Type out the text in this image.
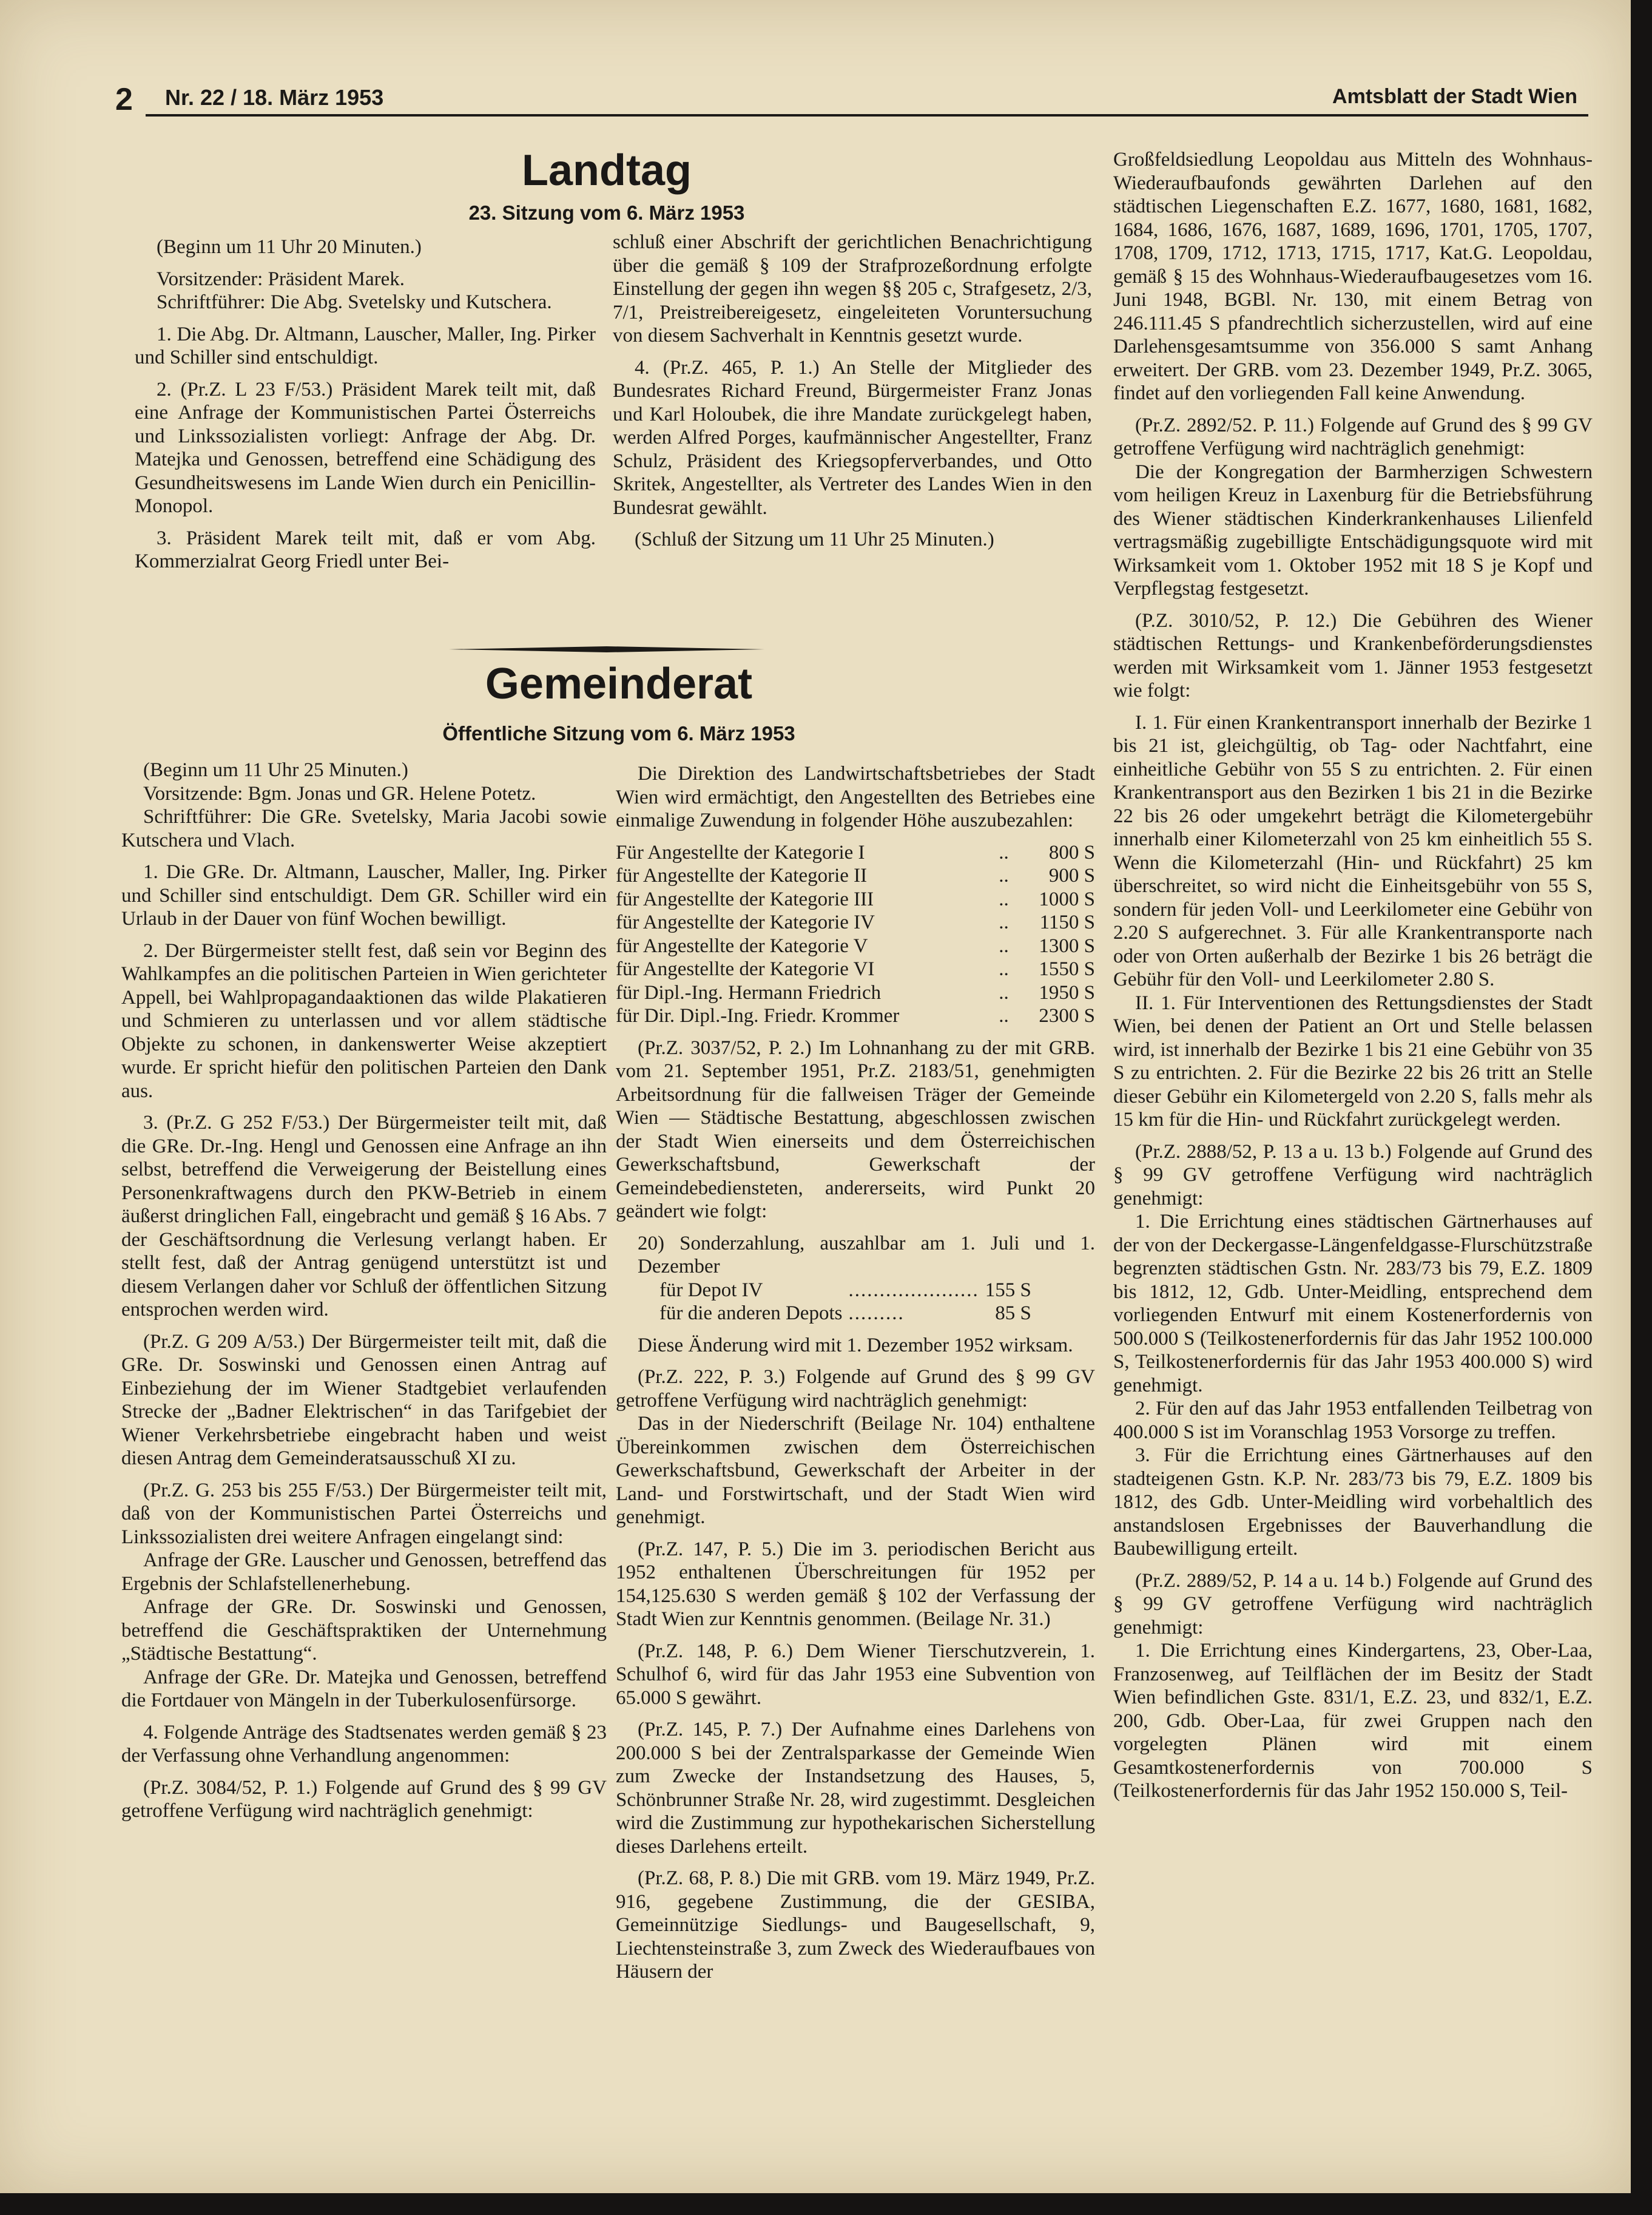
2 Nr. 22 / 18. März 1953	Amtsblatt der Stadt Wien
Landtag
23. Sitzung vom 6. März 1953

(Beginn um 11 Uhr 20 Minuten.)

Vorsitzender: Präsident Marek.

Schriftführer: Die Abg. Svetelsky und Kutschera.

1. Die Abg. Dr. Altmann, Lauscher, Maller, Ing. Pirker und Schiller sind entschuldigt.

2. (Pr.Z. L 23 F/53.) Präsident Marek teilt mit, daß eine Anfrage der Kommunistischen Partei Österreichs und Linkssozialisten vorliegt: Anfrage der Abg. Dr. Matejka und Genossen, betreffend eine Schädigung des Gesundheitswesens im Lande Wien durch ein Penicillin-Monopol.

3. Präsident Marek teilt mit, daß er vom Abg. Kommerzialrat Georg Friedl unter Bei-

schluß einer Abschrift der gerichtlichen Benachrichtigung über die gemäß § 109 der Strafprozeßordnung erfolgte Einstellung der gegen ihn wegen §§ 205 c, Strafgesetz, 2/3, 7/1, Preistreibereigesetz, eingeleiteten Voruntersuchung von diesem Sachverhalt in Kenntnis gesetzt wurde.

4. (Pr.Z. 465, P. 1.) An Stelle der Mitglieder des Bundesrates Richard Freund, Bürgermeister Franz Jonas und Karl Holoubek, die ihre Mandate zurückgelegt haben, werden Alfred Porges, kaufmännischer Angestellter, Franz Schulz, Präsident des Kriegsopferverbandes, und Otto Skritek, Angestellter, als Vertreter des Landes Wien in den Bundesrat gewählt.

(Schluß der Sitzung um 11 Uhr 25 Minuten.)

Gemeinderat
Öffentliche Sitzung vom 6. März 1953

(Beginn um 11 Uhr 25 Minuten.)

Vorsitzende: Bgm. Jonas und GR. Helene Potetz.

Schriftführer: Die GRe. Svetelsky, Maria Jacobi sowie Kutschera und Vlach.

1. Die GRe. Dr. Altmann, Lauscher, Maller, Ing. Pirker und Schiller sind entschuldigt. Dem GR. Schiller wird ein Urlaub in der Dauer von fünf Wochen bewilligt.

2. Der Bürgermeister stellt fest, daß sein vor Beginn des Wahlkampfes an die politischen Parteien in Wien gerichteter Appell, bei Wahlpropagandaaktionen das wilde Plakatieren und Schmieren zu unterlassen und vor allem städtische Objekte zu schonen, in dankenswerter Weise akzeptiert wurde. Er spricht hiefür den politischen Parteien den Dank aus.

3. (Pr.Z. G 252 F/53.) Der Bürgermeister teilt mit, daß die GRe. Dr.-Ing. Hengl und Genossen eine Anfrage an ihn selbst, betreffend die Verweigerung der Beistellung eines Personenkraftwagens durch den PKW-Betrieb in einem äußerst dringlichen Fall, eingebracht und gemäß § 16 Abs. 7 der Geschäftsordnung die Verlesung verlangt haben. Er stellt fest, daß der Antrag genügend unterstützt ist und diesem Verlangen daher vor Schluß der öffentlichen Sitzung entsprochen werden wird.

(Pr.Z. G 209 A/53.) Der Bürgermeister teilt mit, daß die GRe. Dr. Soswinski und Genossen einen Antrag auf Einbeziehung der im Wiener Stadtgebiet verlaufenden Strecke der „Badner Elektrischen“ in das Tarifgebiet der Wiener Verkehrsbetriebe eingebracht haben und weist diesen Antrag dem Gemeinderatsausschuß XI zu.

(Pr.Z. G. 253 bis 255 F/53.) Der Bürgermeister teilt mit, daß von der Kommunistischen Partei Österreichs und Linkssozialisten drei weitere Anfragen eingelangt sind:

Anfrage der GRe. Lauscher und Genossen, betreffend das Ergebnis der Schlafstellenerhebung.

Anfrage der GRe. Dr. Soswinski und Genossen, betreffend die Geschäftspraktiken der Unternehmung „Städtische Bestattung“.

Anfrage der GRe. Dr. Matejka und Genossen, betreffend die Fortdauer von Mängeln in der Tuberkulosenfürsorge.

4. Folgende Anträge des Stadtsenates werden gemäß § 23 der Verfassung ohne Verhandlung angenommen:

(Pr.Z. 3084/52, P. 1.) Folgende auf Grund des § 99 GV getroffene Verfügung wird nachträglich genehmigt:

Die Direktion des Landwirtschaftsbetriebes der Stadt Wien wird ermächtigt, den Angestellten des Betriebes eine einmalige Zuwendung in folgender Höhe auszubezahlen:

Für Angestellte der Kategorie I	..	800 S
für Angestellte der Kategorie II	..	900 S
für Angestellte der Kategorie III	..	1000 S
für Angestellte der Kategorie IV	..	1150 S
für Angestellte der Kategorie V	..	1300 S
für Angestellte der Kategorie VI	..	1550 S
für Dipl.-Ing. Hermann Friedrich	..	1950 S
für Dir. Dipl.-Ing. Friedr. Krommer	..	2300 S

(Pr.Z. 3037/52, P. 2.) Im Lohnanhang zu der mit GRB. vom 21. September 1951, Pr.Z. 2183/51, genehmigten Arbeitsordnung für die fallweisen Träger der Gemeinde Wien — Städtische Bestattung, abgeschlossen zwischen der Stadt Wien einerseits und dem Österreichischen Gewerkschaftsbund, Gewerkschaft der Gemeindebediensteten, andererseits, wird Punkt 20 geändert wie folgt:

20) Sonderzahlung, auszahlbar am 1. Juli und 1. Dezember
für Depot IV	.....................	155 S
für die anderen Depots	.........	85 S

Diese Änderung wird mit 1. Dezember 1952 wirksam.

(Pr.Z. 222, P. 3.) Folgende auf Grund des § 99 GV getroffene Verfügung wird nachträglich genehmigt:

Das in der Niederschrift (Beilage Nr. 104) enthaltene Übereinkommen zwischen dem Österreichischen Gewerkschaftsbund, Gewerkschaft der Arbeiter in der Land- und Forstwirtschaft, und der Stadt Wien wird genehmigt.

(Pr.Z. 147, P. 5.) Die im 3. periodischen Bericht aus 1952 enthaltenen Überschreitungen für 1952 per 154,125.630 S werden gemäß § 102 der Verfassung der Stadt Wien zur Kenntnis genommen. (Beilage Nr. 31.)

(Pr.Z. 148, P. 6.) Dem Wiener Tierschutzverein, 1. Schulhof 6, wird für das Jahr 1953 eine Subvention von 65.000 S gewährt.

(Pr.Z. 145, P. 7.) Der Aufnahme eines Darlehens von 200.000 S bei der Zentralsparkasse der Gemeinde Wien zum Zwecke der Instandsetzung des Hauses, 5, Schönbrunner Straße Nr. 28, wird zugestimmt. Desgleichen wird die Zustimmung zur hypothekarischen Sicherstellung dieses Darlehens erteilt.

(Pr.Z. 68, P. 8.) Die mit GRB. vom 19. März 1949, Pr.Z. 916, gegebene Zustimmung, die der GESIBA, Gemeinnützige Siedlungs- und Baugesellschaft, 9, Liechtensteinstraße 3, zum Zweck des Wiederaufbaues von Häusern der

Großfeldsiedlung Leopoldau aus Mitteln des Wohnhaus-Wiederaufbaufonds gewährten Darlehen auf den städtischen Liegenschaften E.Z. 1677, 1680, 1681, 1682, 1684, 1686, 1676, 1687, 1689, 1696, 1701, 1705, 1707, 1708, 1709, 1712, 1713, 1715, 1717, Kat.G. Leopoldau, gemäß § 15 des Wohnhaus-Wiederaufbaugesetzes vom 16. Juni 1948, BGBl. Nr. 130, mit einem Betrag von 246.111.45 S pfandrechtlich sicherzustellen, wird auf eine Darlehensgesamtsumme von 356.000 S samt Anhang erweitert. Der GRB. vom 23. Dezember 1949, Pr.Z. 3065, findet auf den vorliegenden Fall keine Anwendung.

(Pr.Z. 2892/52. P. 11.) Folgende auf Grund des § 99 GV getroffene Verfügung wird nachträglich genehmigt:

Die der Kongregation der Barmherzigen Schwestern vom heiligen Kreuz in Laxenburg für die Betriebsführung des Wiener städtischen Kinderkrankenhauses Lilienfeld vertragsmäßig zugebilligte Entschädigungsquote wird mit Wirksamkeit vom 1. Oktober 1952 mit 18 S je Kopf und Verpflegstag festgesetzt.

(P.Z. 3010/52, P. 12.) Die Gebühren des Wiener städtischen Rettungs- und Krankenbeförderungsdienstes werden mit Wirksamkeit vom 1. Jänner 1953 festgesetzt wie folgt:

I. 1. Für einen Krankentransport innerhalb der Bezirke 1 bis 21 ist, gleichgültig, ob Tag- oder Nachtfahrt, eine einheitliche Gebühr von 55 S zu entrichten. 2. Für einen Krankentransport aus den Bezirken 1 bis 21 in die Bezirke 22 bis 26 oder umgekehrt beträgt die Kilometergebühr innerhalb einer Kilometerzahl von 25 km einheitlich 55 S. Wenn die Kilometerzahl (Hin- und Rückfahrt) 25 km überschreitet, so wird nicht die Einheitsgebühr von 55 S, sondern für jeden Voll- und Leerkilometer eine Gebühr von 2.20 S aufgerechnet. 3. Für alle Krankentransporte nach oder von Orten außerhalb der Bezirke 1 bis 26 beträgt die Gebühr für den Voll- und Leerkilometer 2.80 S.

II. 1. Für Interventionen des Rettungsdienstes der Stadt Wien, bei denen der Patient an Ort und Stelle belassen wird, ist innerhalb der Bezirke 1 bis 21 eine Gebühr von 35 S zu entrichten. 2. Für die Bezirke 22 bis 26 tritt an Stelle dieser Gebühr ein Kilometergeld von 2.20 S, falls mehr als 15 km für die Hin- und Rückfahrt zurückgelegt werden.

(Pr.Z. 2888/52, P. 13 a u. 13 b.) Folgende auf Grund des § 99 GV getroffene Verfügung wird nachträglich genehmigt:

1. Die Errichtung eines städtischen Gärtnerhauses auf der von der Deckergasse-Längenfeldgasse-Flurschützstraße begrenzten städtischen Gstn. Nr. 283/73 bis 79, E.Z. 1809 bis 1812, 12, Gdb. Unter-Meidling, entsprechend dem vorliegenden Entwurf mit einem Kostenerfordernis von 500.000 S (Teilkostenerfordernis für das Jahr 1952 100.000 S, Teilkostenerfordernis für das Jahr 1953 400.000 S) wird genehmigt.

2. Für den auf das Jahr 1953 entfallenden Teilbetrag von 400.000 S ist im Voranschlag 1953 Vorsorge zu treffen.

3. Für die Errichtung eines Gärtnerhauses auf den stadteigenen Gstn. K.P. Nr. 283/73 bis 79, E.Z. 1809 bis 1812, des Gdb. Unter-Meidling wird vorbehaltlich des anstandslosen Ergebnisses der Bauverhandlung die Baubewilligung erteilt.

(Pr.Z. 2889/52, P. 14 a u. 14 b.) Folgende auf Grund des § 99 GV getroffene Verfügung wird nachträglich genehmigt:

1. Die Errichtung eines Kindergartens, 23, Ober-Laa, Franzosenweg, auf Teilflächen der im Besitz der Stadt Wien befindlichen Gste. 831/1, E.Z. 23, und 832/1, E.Z. 200, Gdb. Ober-Laa, für zwei Gruppen nach den vorgelegten Plänen wird mit einem Gesamtkostenerfordernis von 700.000 S (Teilkostenerfordernis für das Jahr 1952 150.000 S, Teil-
